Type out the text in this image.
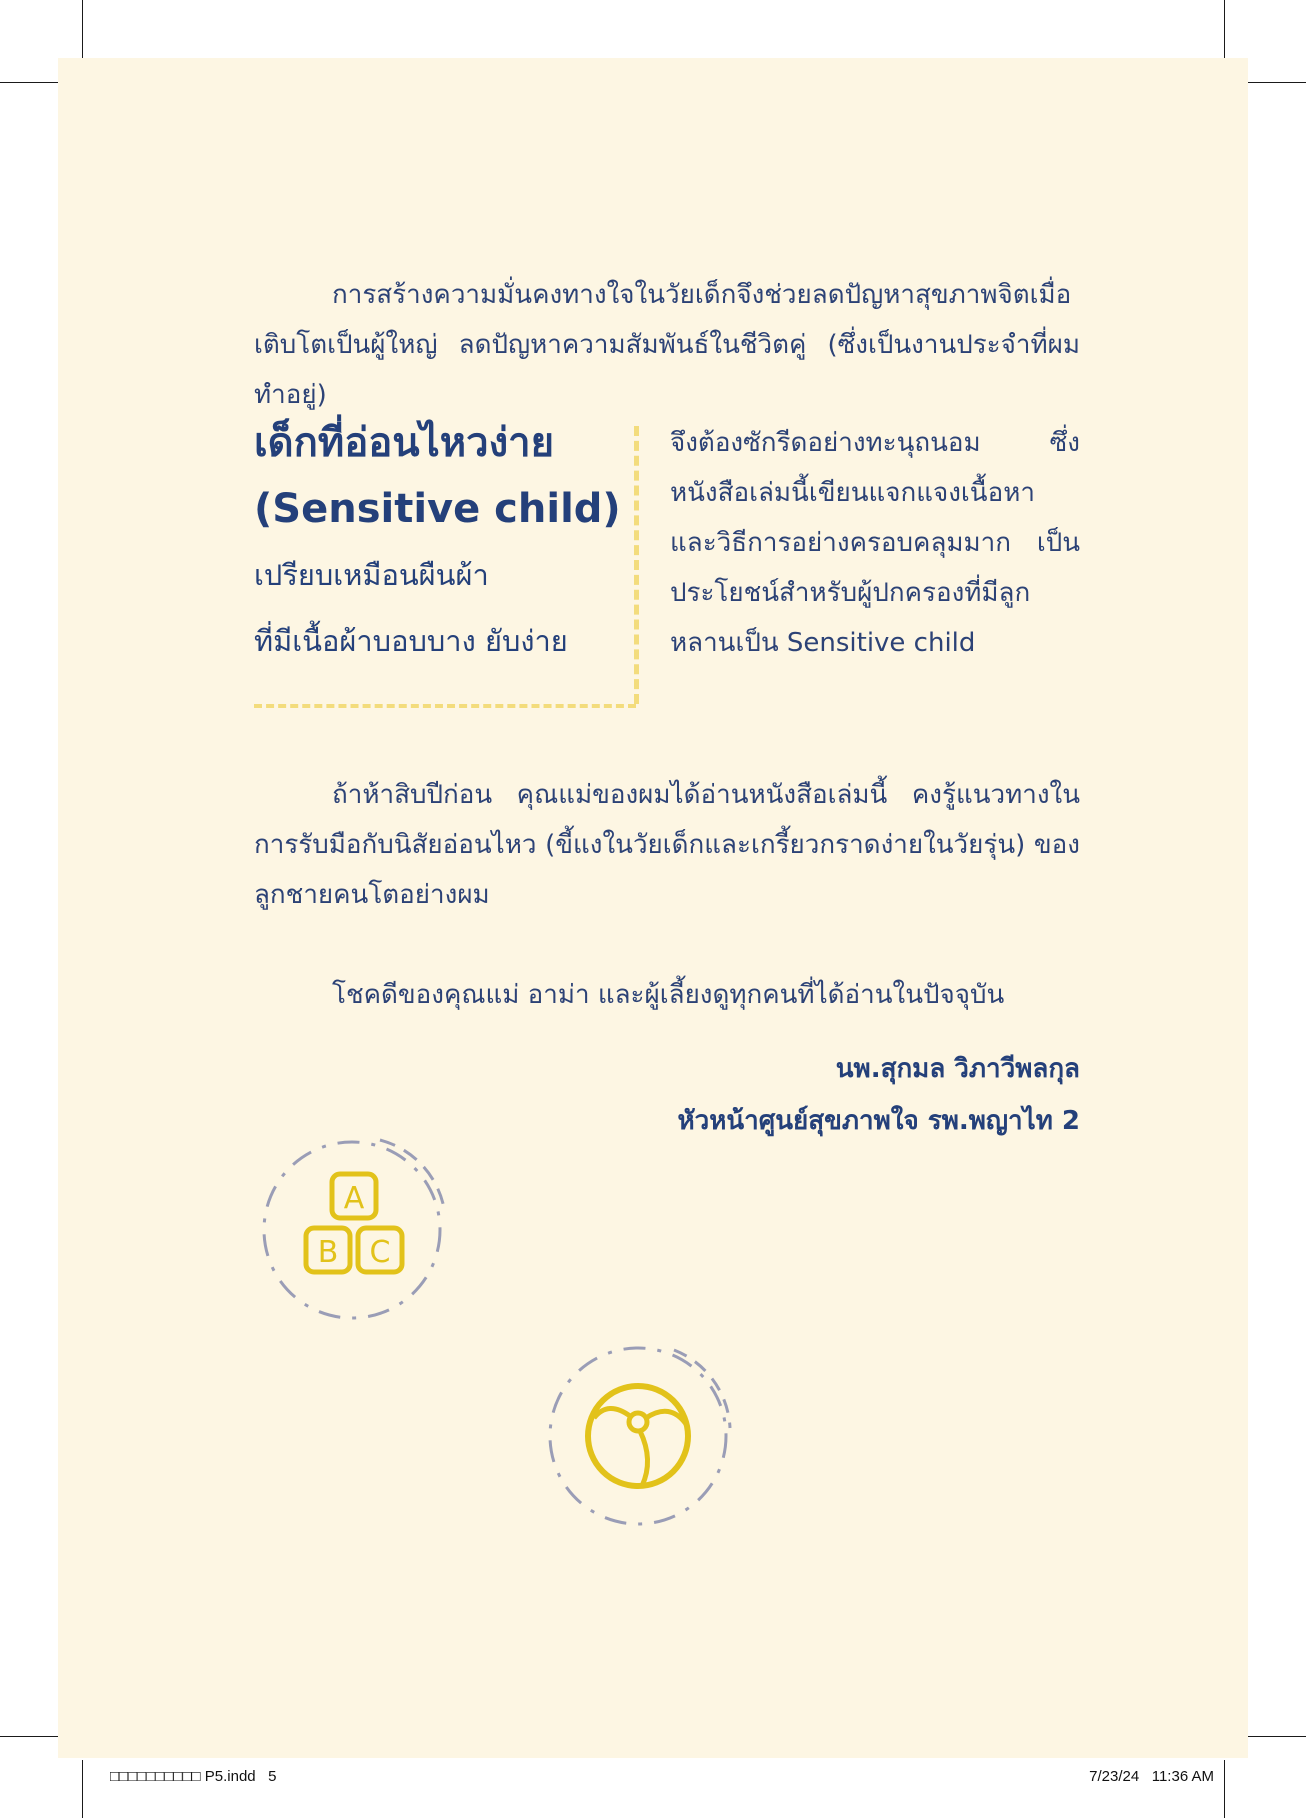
การสร้างความมั่นคงทางใจในวัยเด็กจึงช่วยลดปัญหาสุขภาพจิตเมื่อเติบโตเป็นผู้ใหญ่ ลดปัญหาความสัมพันธ์ในชีวิตคู่ (ซึ่งเป็นงานประจำที่ผมทำอยู่)

เด็กที่อ่อนไหวง่าย

(Sensitive child)

เปรียบเหมือนผืนผ้า

ที่มีเนื้อผ้าบอบบาง ยับง่าย

จึงต้องซักรีดอย่างทะนุถนอม ซึ่งหนังสือเล่มนี้เขียนแจกแจงเนื้อหาและวิธีการอย่างครอบคลุมมาก เป็นประโยชน์สำหรับผู้ปกครองที่มีลูกหลานเป็น Sensitive child

ถ้าห้าสิบปีก่อน คุณแม่ของผมได้อ่านหนังสือเล่มนี้ คงรู้แนวทางในการรับมือกับนิสัยอ่อนไหว (ขี้แงในวัยเด็กและเกรี้ยวกราดง่ายในวัยรุ่น) ของลูกชายคนโตอย่างผม

โชคดีของคุณแม่ อาม่า และผู้เลี้ยงดูทุกคนที่ได้อ่านในปัจจุบัน

นพ.สุกมล วิภาวีพลกุล

หัวหน้าศูนย์สุขภาพใจ รพ.พญาไท 2

A
B C
□□□□□□□□□□ P5.indd 5	7/23/24 11:36 AM
